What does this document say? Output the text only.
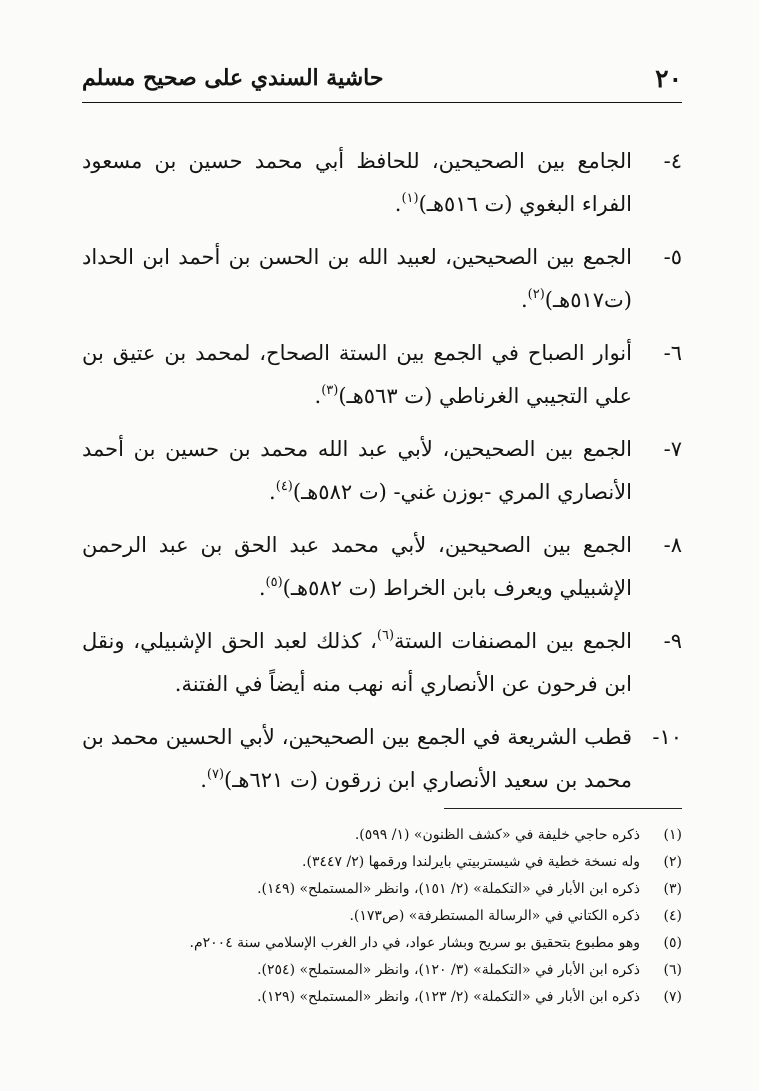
٢٠
حاشية السندي على صحيح مسلم
٤-
الجامع بين الصحيحين، للحافظ أبي محمد حسين بن مسعود الفراء البغوي (ت ٥١٦هـ)$^{(١)}$.
٥-
الجمع بين الصحيحين، لعبيد الله بن الحسن بن أحمد ابن الحداد (ت٥١٧هـ)$^{(٢)}$.
٦-
أنوار الصباح في الجمع بين الستة الصحاح، لمحمد بن عتيق بن علي التجيبي الغرناطي (ت ٥٦٣هـ)$^{(٣)}$.
٧-
الجمع بين الصحيحين، لأبي عبد الله محمد بن حسين بن أحمد الأنصاري المري -بوزن غني- (ت ٥٨٢هـ)$^{(٤)}$.
٨-
الجمع بين الصحيحين، لأبي محمد عبد الحق بن عبد الرحمن الإشبيلي ويعرف بابن الخراط (ت ٥٨٢هـ)$^{(٥)}$.
٩-
الجمع بين المصنفات الستة$^{(٦)}$، كذلك لعبد الحق الإشبيلي، ونقل ابن فرحون عن الأنصاري أنه نهب منه أيضاً في الفتنة.
١٠-
قطب الشريعة في الجمع بين الصحيحين، لأبي الحسين محمد بن محمد بن سعيد الأنصاري ابن زرقون (ت ٦٢١هـ)$^{(٧)}$.
(١)
ذكره حاجي خليفة في «كشف الظنون» (١/ ٥٩٩).
(٢)
وله نسخة خطية في شيستربيتي بايرلندا ورقمها (٢/ ٣٤٤٧).
(٣)
ذكره ابن الأبار في «التكملة» (٢/ ١٥١)، وانظر «المستملح» (١٤٩).
(٤)
ذكره الكتاني في «الرسالة المستطرفة» (ص١٧٣).
(٥)
وهو مطبوع بتحقيق بو سريح وبشار عواد، في دار الغرب الإسلامي سنة ٢٠٠٤م.
(٦)
ذكره ابن الأبار في «التكملة» (٣/ ١٢٠)، وانظر «المستملح» (٢٥٤).
(٧)
ذكره ابن الأبار في «التكملة» (٢/ ١٢٣)، وانظر «المستملح» (١٢٩).
